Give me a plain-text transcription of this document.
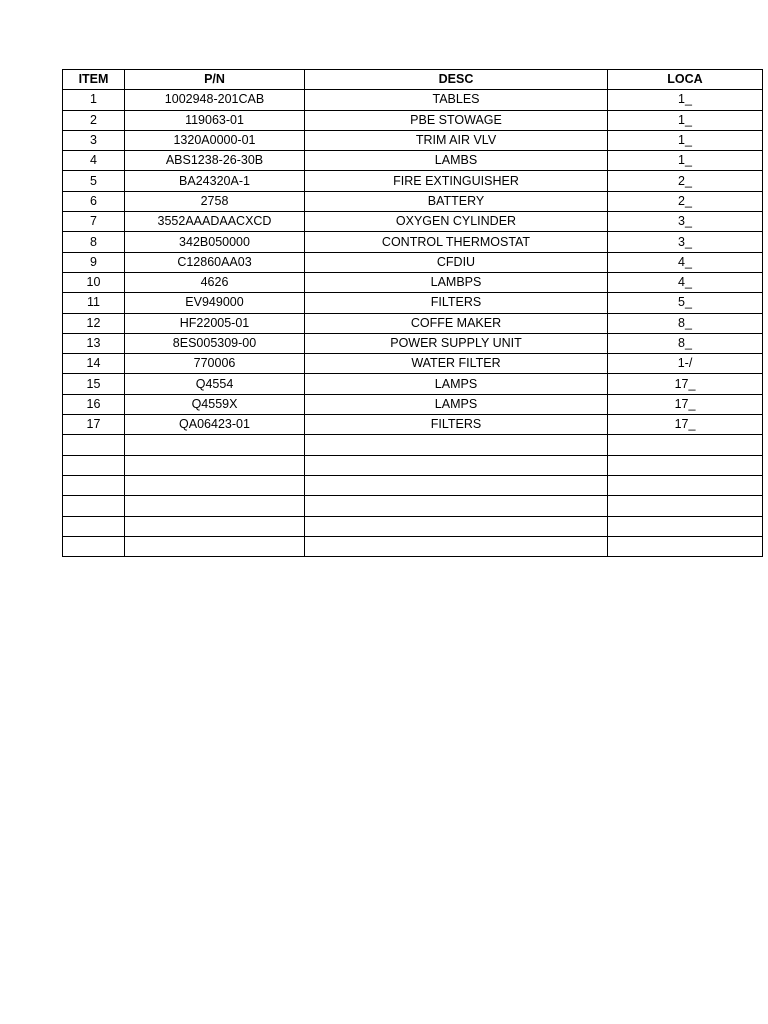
ITEM	P/N	DESC	LOCA
1	1002948-201CAB	TABLES	1_
2	119063-01	PBE STOWAGE	1_
3	1320A0000-01	TRIM AIR VLV	1_
4	ABS1238-26-30B	LAMBS	1_
5	BA24320A-1	FIRE EXTINGUISHER	2_
6	2758	BATTERY	2_
7	3552AAADAACXCD	OXYGEN CYLINDER	3_
8	342B050000	CONTROL THERMOSTAT	3_
9	C12860AA03	CFDIU	4_
10	4626	LAMBPS	4_
11	EV949000	FILTERS	5_
12	HF22005-01	COFFE MAKER	8_
13	8ES005309-00	POWER SUPPLY UNIT	8_
14	770006	WATER FILTER	1-/
15	Q4554	LAMPS	17_
16	Q4559X	LAMPS	17_
17	QA06423-01	FILTERS	17_
